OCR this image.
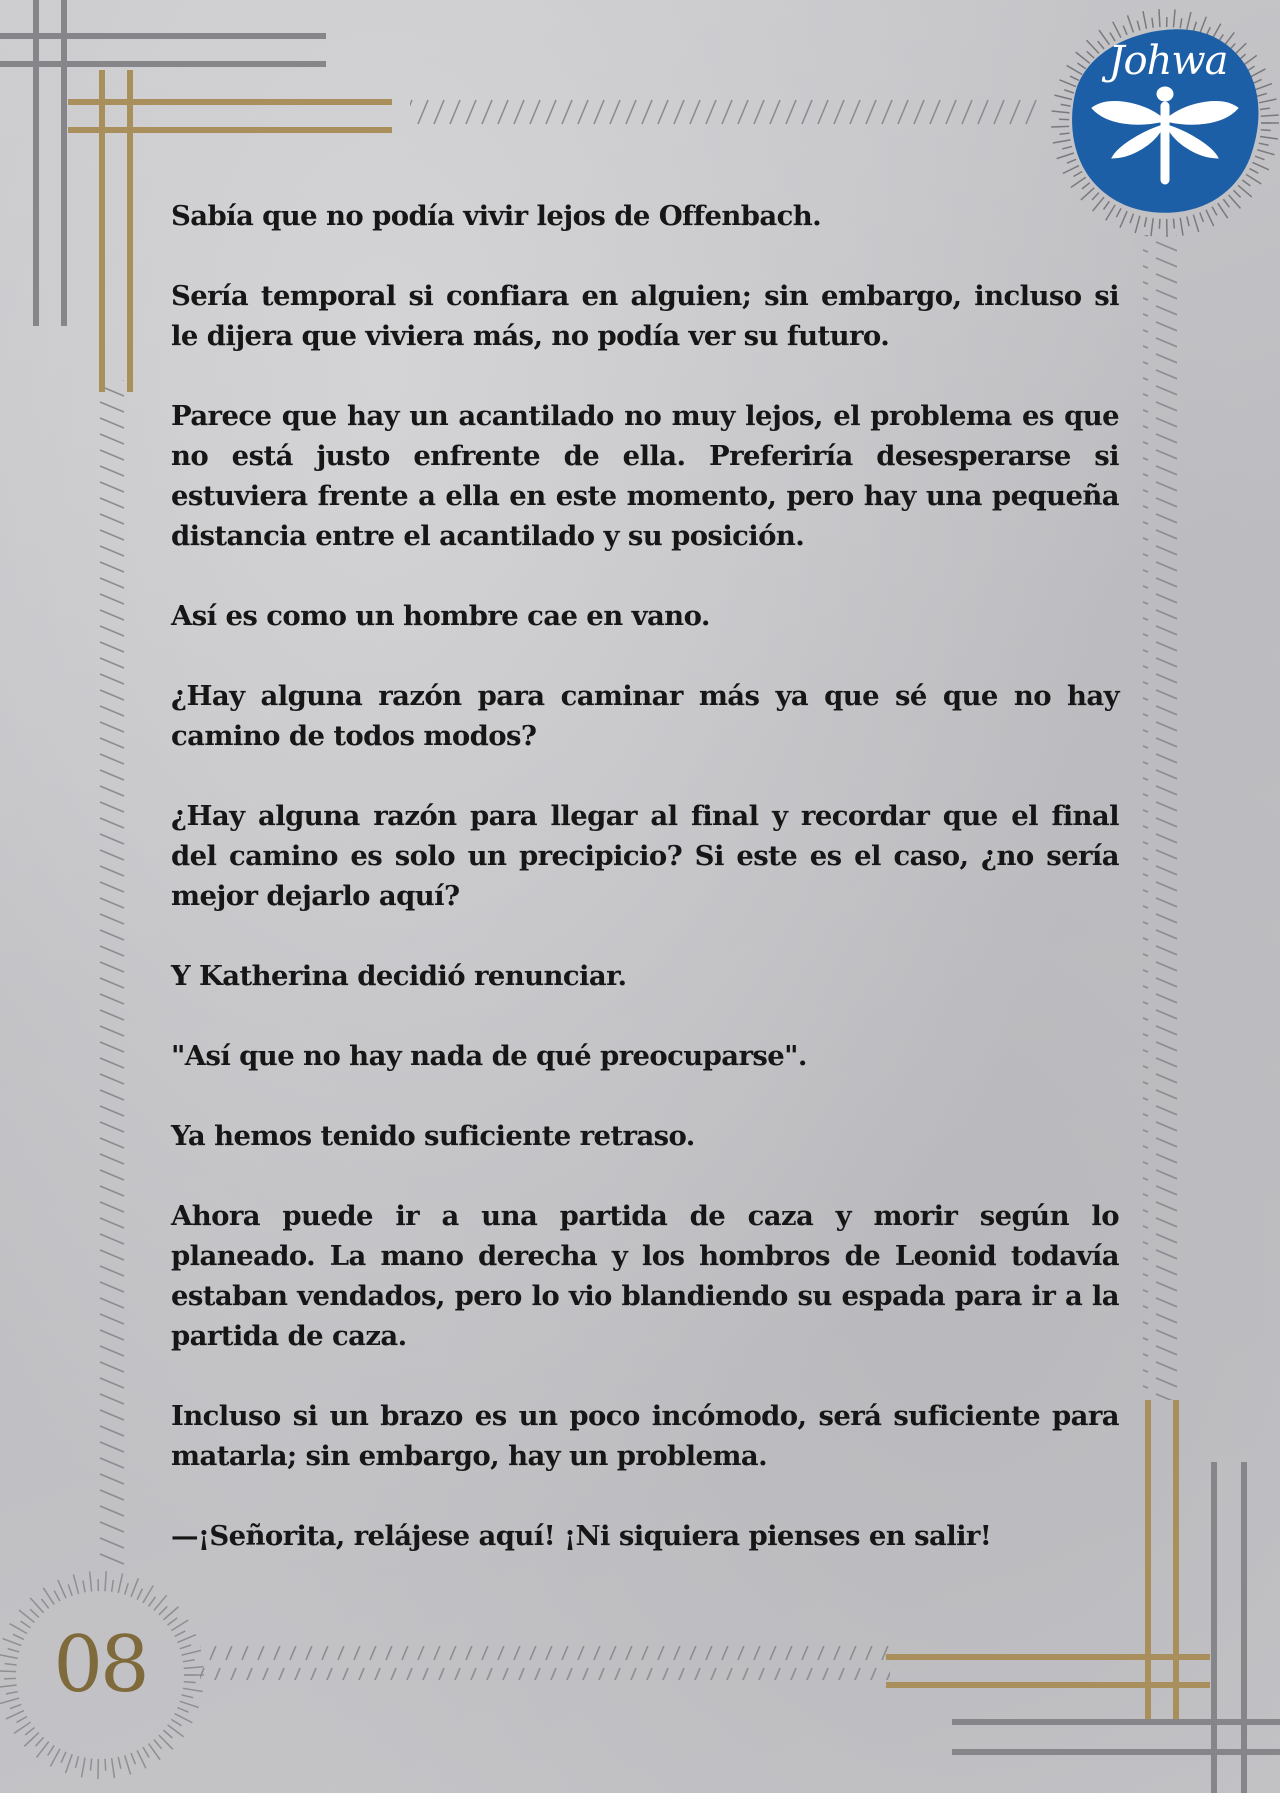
Johwa

Sabía que no podía vivir lejos de Offenbach.

Sería temporal si confiara en alguien; sin embargo, incluso si le dijera que viviera más, no podía ver su futuro.

Parece que hay un acantilado no muy lejos, el problema es que no está justo enfrente de ella. Preferiría desesperarse si estuviera frente a ella en este momento, pero hay una pequeña distancia entre el acantilado y su posición.

Así es como un hombre cae en vano.

¿Hay alguna razón para caminar más ya que sé que no hay camino de todos modos?

¿Hay alguna razón para llegar al final y recordar que el final del camino es solo un precipicio? Si este es el caso, ¿no sería mejor dejarlo aquí?

Y Katherina decidió renunciar.

"Así que no hay nada de qué preocuparse".

Ya hemos tenido suficiente retraso.

Ahora puede ir a una partida de caza y morir según lo planeado. La mano derecha y los hombros de Leonid todavía estaban vendados, pero lo vio blandiendo su espada para ir a la partida de caza.

Incluso si un brazo es un poco incómodo, será suficiente para matarla; sin embargo, hay un problema.

—¡Señorita, relájese aquí! ¡Ni siquiera pienses en salir!

08
